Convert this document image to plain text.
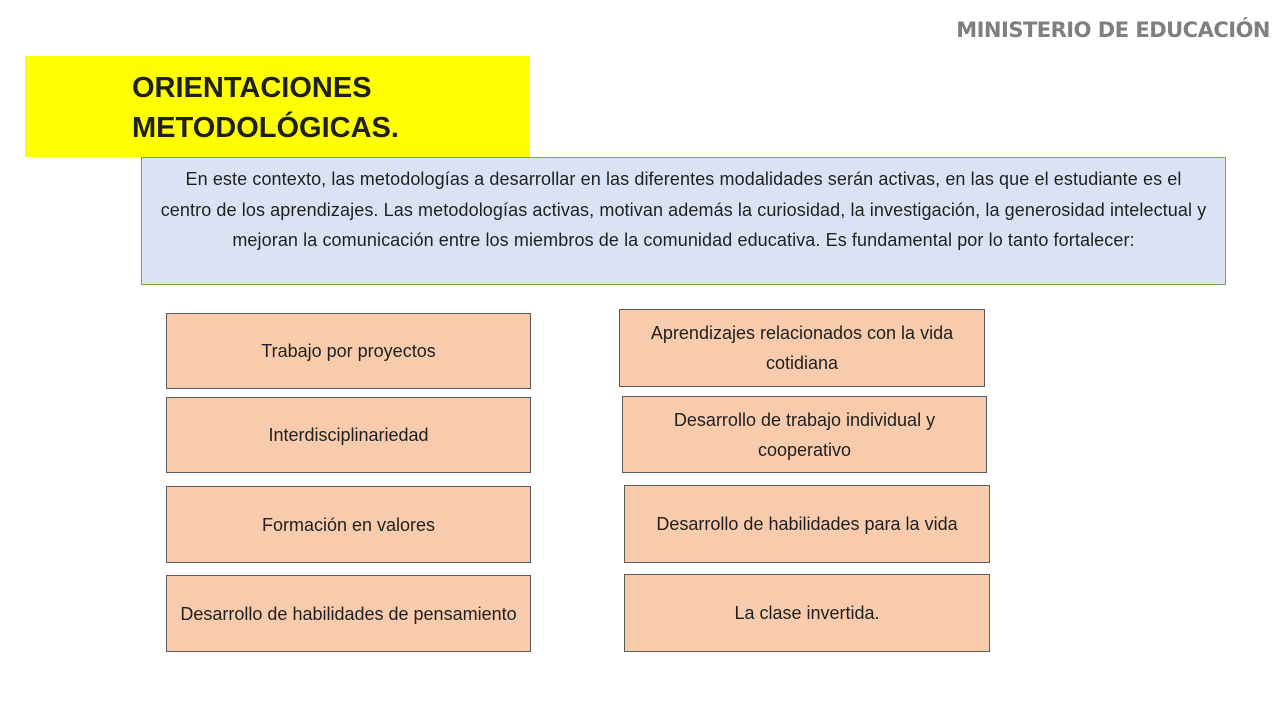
MINISTERIO DE EDUCACIÓN
ORIENTACIONES
METODOLÓGICAS.
En este contexto, las metodologías a desarrollar en las diferentes modalidades serán activas, en las que el estudiante es el centro de los aprendizajes. Las metodologías activas, motivan además la curiosidad, la investigación, la generosidad intelectual y mejoran la comunicación entre los miembros de la comunidad educativa. Es fundamental por lo tanto fortalecer:
Trabajo por proyectos
Interdisciplinariedad
Formación en valores
Desarrollo de habilidades de pensamiento
Aprendizajes relacionados con la vida cotidiana
Desarrollo de trabajo individual y cooperativo
Desarrollo de habilidades para la vida
La clase invertida.
